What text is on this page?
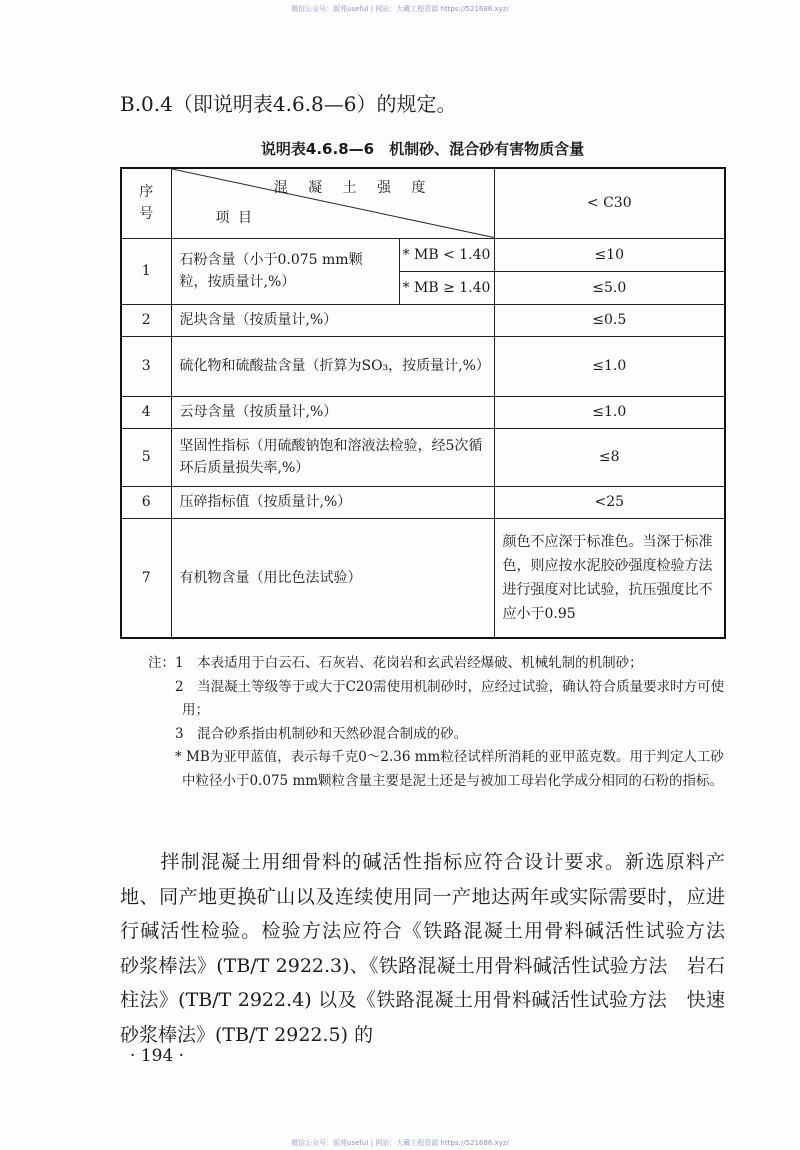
微信公众号：版苑useful | 网站：大藏工程资源 https://521686.xyz/
B.0.4（即说明表4.6.8—6）的规定。
说明表4.6.8—6　机制砂、混合砂有害物质含量
序号	混 凝 土 强 度
项 目		< C30
1	石粉含量（小于0.075 mm颗粒，按质量计,%）	* MB < 1.40	≤10
		* MB ≥ 1.40	≤5.0
2	泥块含量（按质量计,%）		≤0.5
3	硫化物和硫酸盐含量（折算为SO₃，按质量计,%）		≤1.0
4	云母含量（按质量计,%）		≤1.0
5	坚固性指标（用硫酸钠饱和溶液法检验，经5次循环后质量损失率,%）		≤8
6	压碎指标值（按质量计,%）		<25
7	有机物含量（用比色法试验）		颜色不应深于标准色。当深于标准色，则应按水泥胶砂强度检验方法进行强度对比试验，抗压强度比不应小于0.95
注：1　本表适用于白云石、石灰岩、花岗岩和玄武岩经爆破、机械轧制的机制砂；
　　2　当混凝土等级等于或大于C20需使用机制砂时，应经过试验，确认符合质量要求时方可使用；
　　3　混合砂系指由机制砂和天然砂混合制成的砂。
　　* MB为亚甲蓝值，表示每千克0～2.36 mm粒径试样所消耗的亚甲蓝克数。用于判定人工砂中粒径小于0.075 mm颗粒含量主要是泥土还是与被加工母岩化学成分相同的石粉的指标。
　　拌制混凝土用细骨料的碱活性指标应符合设计要求。新选原料产地、同产地更换矿山以及连续使用同一产地达两年或实际需要时，应进行碱活性检验。检验方法应符合《铁路混凝土用骨料碱活性试验方法　砂浆棒法》(TB/T 2922.3)、《铁路混凝土用骨料碱活性试验方法　岩石柱法》(TB/T 2922.4) 以及《铁路混凝土用骨料碱活性试验方法　快速砂浆棒法》(TB/T 2922.5) 的
· 194 ·
微信公众号：版苑useful | 网站：大藏工程资源 https://521686.xyz/
